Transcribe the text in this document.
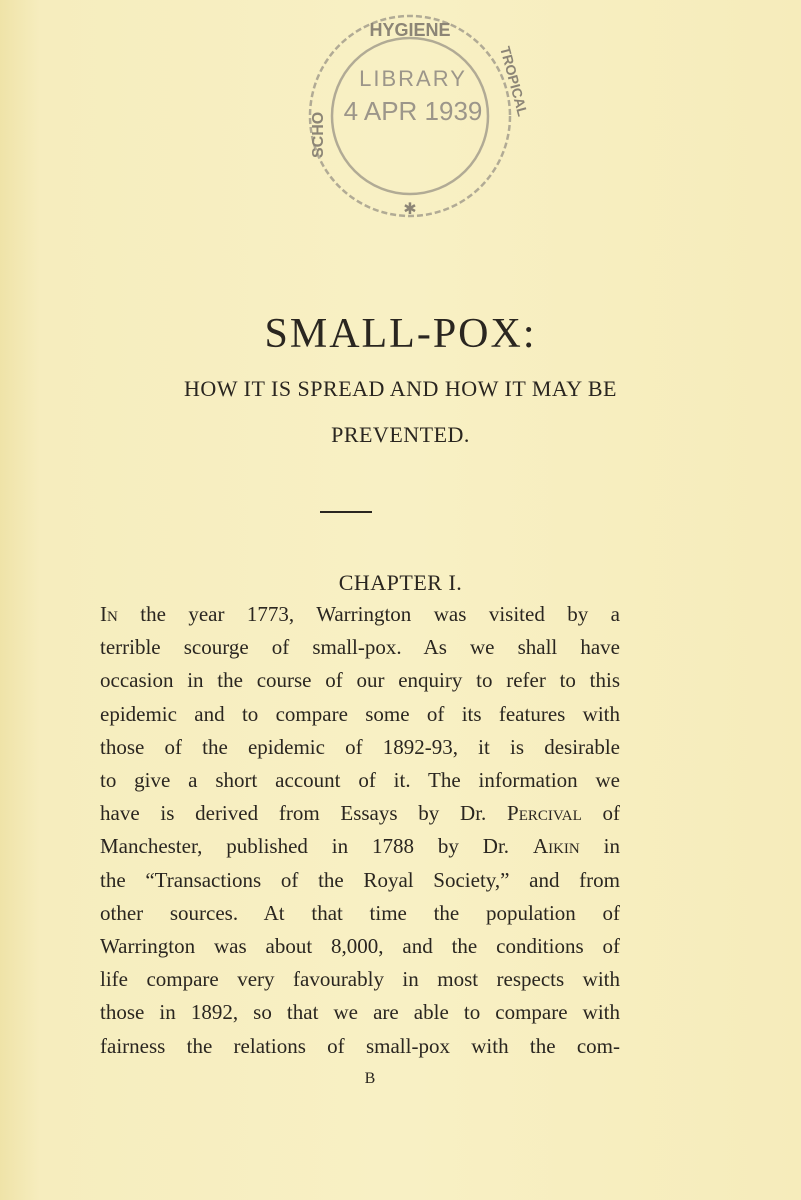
HYGIENE
LIBRARY
4 APR 1939
SCHO
TROPICAL
✱
SMALL-POX:

HOW IT IS SPREAD AND HOW IT MAY BE

PREVENTED.

CHAPTER I.

In the year 1773, Warrington was visited by a
terrible scourge of small-pox. As we shall have
occasion in the course of our enquiry to refer to this
epidemic and to compare some of its features with
those of the epidemic of 1892-93, it is desirable
to give a short account of it. The information we
have is derived from Essays by Dr. Percival of
Manchester, published in 1788 by Dr. Aikin in
the “Transactions of the Royal Society,” and from
other sources. At that time the population of
Warrington was about 8,000, and the conditions of
life compare very favourably in most respects with
those in 1892, so that we are able to compare with
fairness the relations of small-pox with the com-

B
